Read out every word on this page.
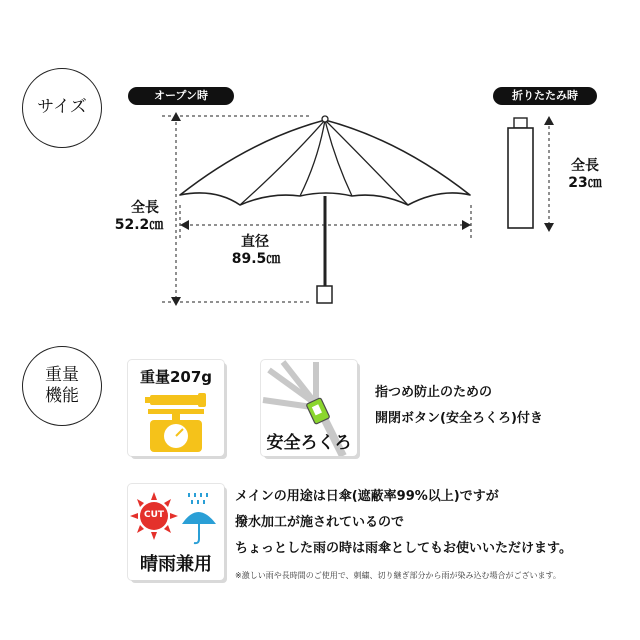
サイズ
オープン時	折りたたみ時
全長
52.2㎝
直径
89.5㎝
全長
23㎝
重量
機能
重量207g
安全ろくろ
指つめ防止のための
開閉ボタン(安全ろくろ)付き
CUT
晴雨兼用
メインの用途は日傘(遮蔽率99%以上)ですが
撥水加工が施されているので
ちょっとした雨の時は雨傘としてもお使いいただけます。
※激しい雨や長時間のご使用で、刺繍、切り継ぎ部分から雨が染み込む場合がございます。
